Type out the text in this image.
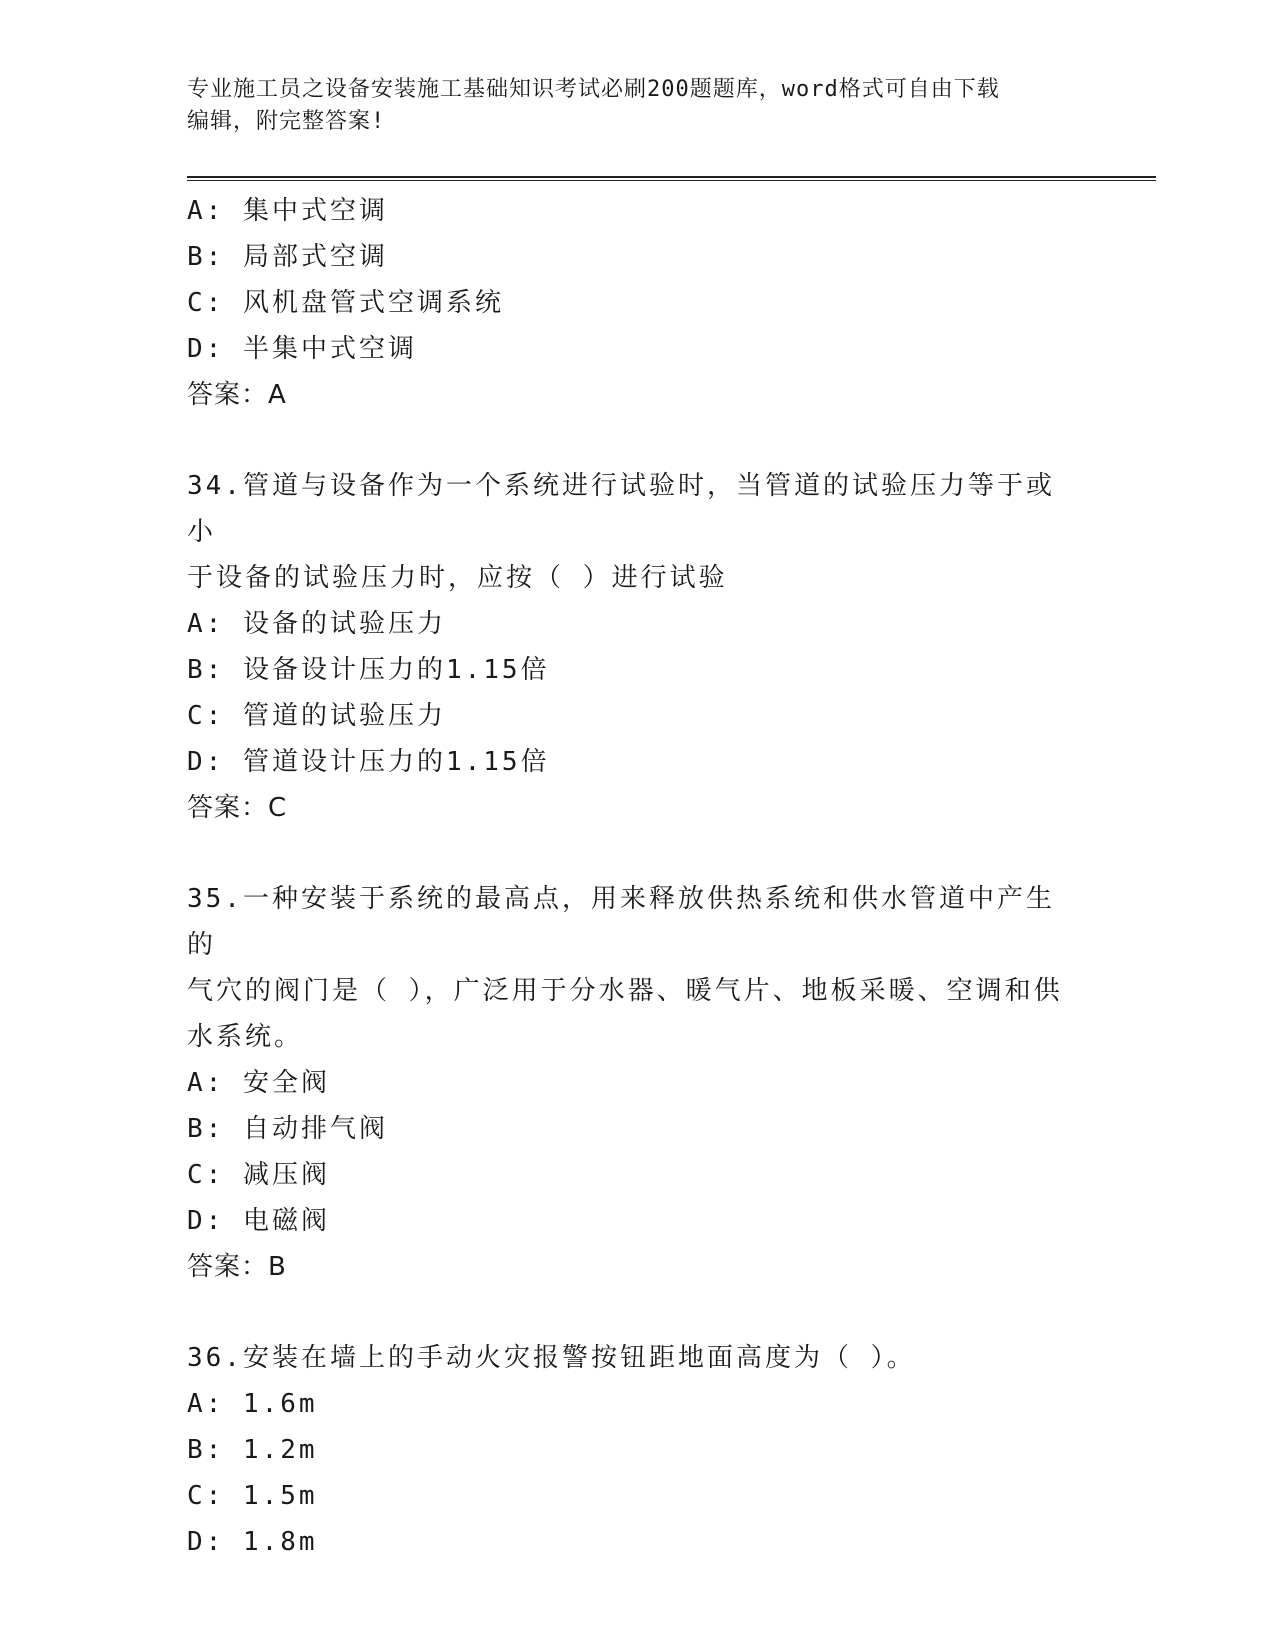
专业施工员之设备安装施工基础知识考试必刷200题题库，word格式可自由下载
编辑，附完整答案!
A: 集中式空调
B: 局部式空调
C: 风机盘管式空调系统
D: 半集中式空调
答案：A
34.管道与设备作为一个系统进行试验时，当管道的试验压力等于或小
于设备的试验压力时，应按（ ）进行试验
A: 设备的试验压力
B: 设备设计压力的1.15倍
C: 管道的试验压力
D: 管道设计压力的1.15倍
答案：C
35.一种安装于系统的最高点，用来释放供热系统和供水管道中产生的
气穴的阀门是（ ），广泛用于分水器、暖气片、地板采暖、空调和供
水系统。
A: 安全阀
B: 自动排气阀
C: 减压阀
D: 电磁阀
答案：B
36.安装在墙上的手动火灾报警按钮距地面高度为（ ）。
A: 1.6m
B: 1.2m
C: 1.5m
D: 1.8m
